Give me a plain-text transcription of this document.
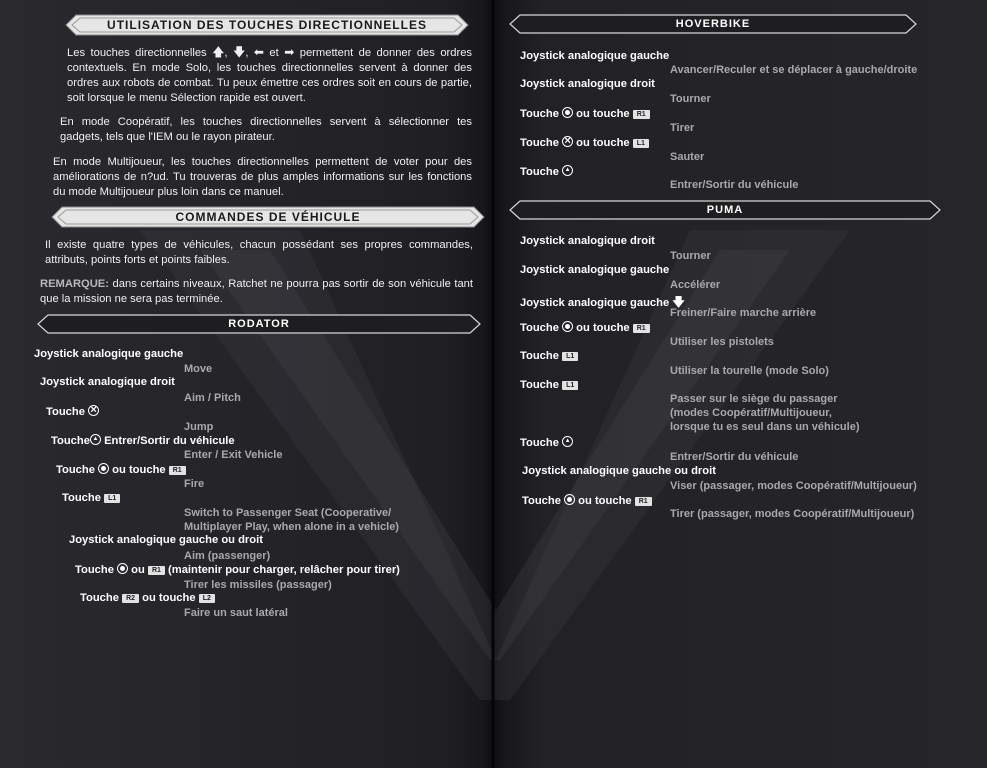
UTILISATION DES TOUCHES DIRECTIONNELLES
Les touches directionnelles 🡅, 🡇, ⬅ et ➡ permettent de donner des ordres contextuels. En mode Solo, les touches directionnelles servent à donner des ordres aux robots de combat. Tu peux émettre ces ordres soit en cours de partie, soit lorsque le menu Sélection rapide est ouvert.
En mode Coopératif, les touches directionnelles servent à sélectionner tes gadgets, tels que l'IEM ou le rayon pirateur.
En mode Multijoueur, les touches directionnelles permettent de voter pour des améliorations de n?ud. Tu trouveras de plus amples informations sur les fonctions du mode Multijoueur plus loin dans ce manuel.
COMMANDES DE VÉHICULE
Il existe quatre types de véhicules, chacun possédant ses propres commandes, attributs, points forts et points faibles.
REMARQUE: dans certains niveaux, Ratchet ne pourra pas sortir de son véhicule tant que la mission ne sera pas terminée.
RODATOR
Joystick analogique gauche
Move
Joystick analogique droit
Aim / Pitch
Touche ×
Jump
Touche ▲ Entrer/Sortir du véhicule
Enter / Exit Vehicle
Touche ou touche R1
Fire
Touche L1
Switch to Passenger Seat (Cooperative/
Multiplayer Play, when alone in a vehicle)
Joystick analogique gauche ou droit
Aim (passenger)
Touche ou R1 (maintenir pour charger, relâcher pour tirer)
Tirer les missiles (passager)
Touche R2 ou touche L2
Faire un saut latéral
HOVERBIKE
Joystick analogique gauche
Avancer/Reculer et se déplacer à gauche/droite
Joystick analogique droit
Tourner
Touche ou touche R1
Tirer
Touche × ou touche L1
Sauter
Touche ▲
Entrer/Sortir du véhicule
PUMA
Joystick analogique droit
Tourner
Joystick analogique gauche
Accélérer
Joystick analogique gauche 🡇
Freiner/Faire marche arrière
Touche ou touche R1
Utiliser les pistolets
Touche L1
Utiliser la tourelle (mode Solo)
Touche L1
Passer sur le siège du passager
(modes Coopératif/Multijoueur,
lorsque tu es seul dans un véhicule)
Touche ▲
Entrer/Sortir du véhicule
Joystick analogique gauche ou droit
Viser (passager, modes Coopératif/Multijoueur)
Touche ou touche R1
Tirer (passager, modes Coopératif/Multijoueur)
